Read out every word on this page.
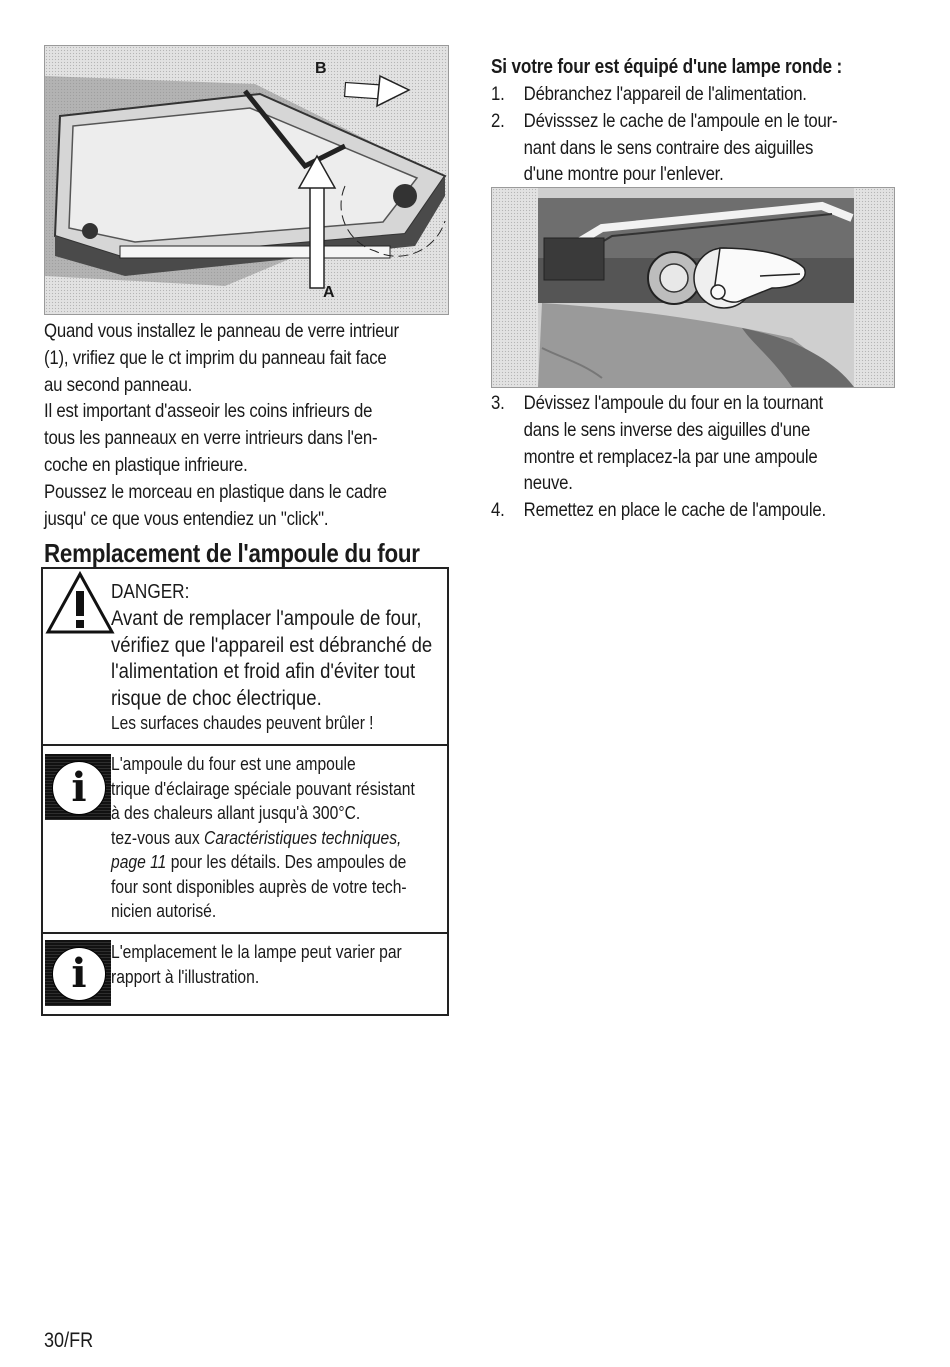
B
A
Quand vous installez le panneau de verre intrieur
(1), vrifiez que le ct imprim du panneau fait face
au second panneau.
Il est important d'asseoir les coins infrieurs de
tous les panneaux en verre intrieurs dans l'en-
coche en plastique infrieure.
Poussez le morceau en plastique dans le cadre
jusqu' ce que vous entendiez un "click".
Remplacement de l'ampoule du four
DANGER:
Avant de remplacer l'ampoule de four,
vérifiez que l'appareil est débranché de
l'alimentation et froid afin d'éviter tout
risque de choc électrique.
Les surfaces chaudes peuvent brûler !
i	L'ampoule du four est une ampoule
trique d'éclairage spéciale pouvant résistant
à des chaleurs allant jusqu'à 300°C.
tez-vous aux Caractéristiques techniques,
page 11 pour les détails. Des ampoules de
four sont disponibles auprès de votre tech-
nicien autorisé.
i	L'emplacement le la lampe peut varier par
rapport à l'illustration.
Si votre four est équipé d'une lampe ronde :
1. Débranchez l'appareil de l'alimentation.
2. Dévisssez le cache de l'ampoule en le tour-
nant dans le sens contraire des aiguilles
d'une montre pour l'enlever.
3. Dévissez l'ampoule du four en la tournant
dans le sens inverse des aiguilles d'une
montre et remplacez-la par une ampoule
neuve.
4. Remettez en place le cache de l'ampoule.
30/FR
